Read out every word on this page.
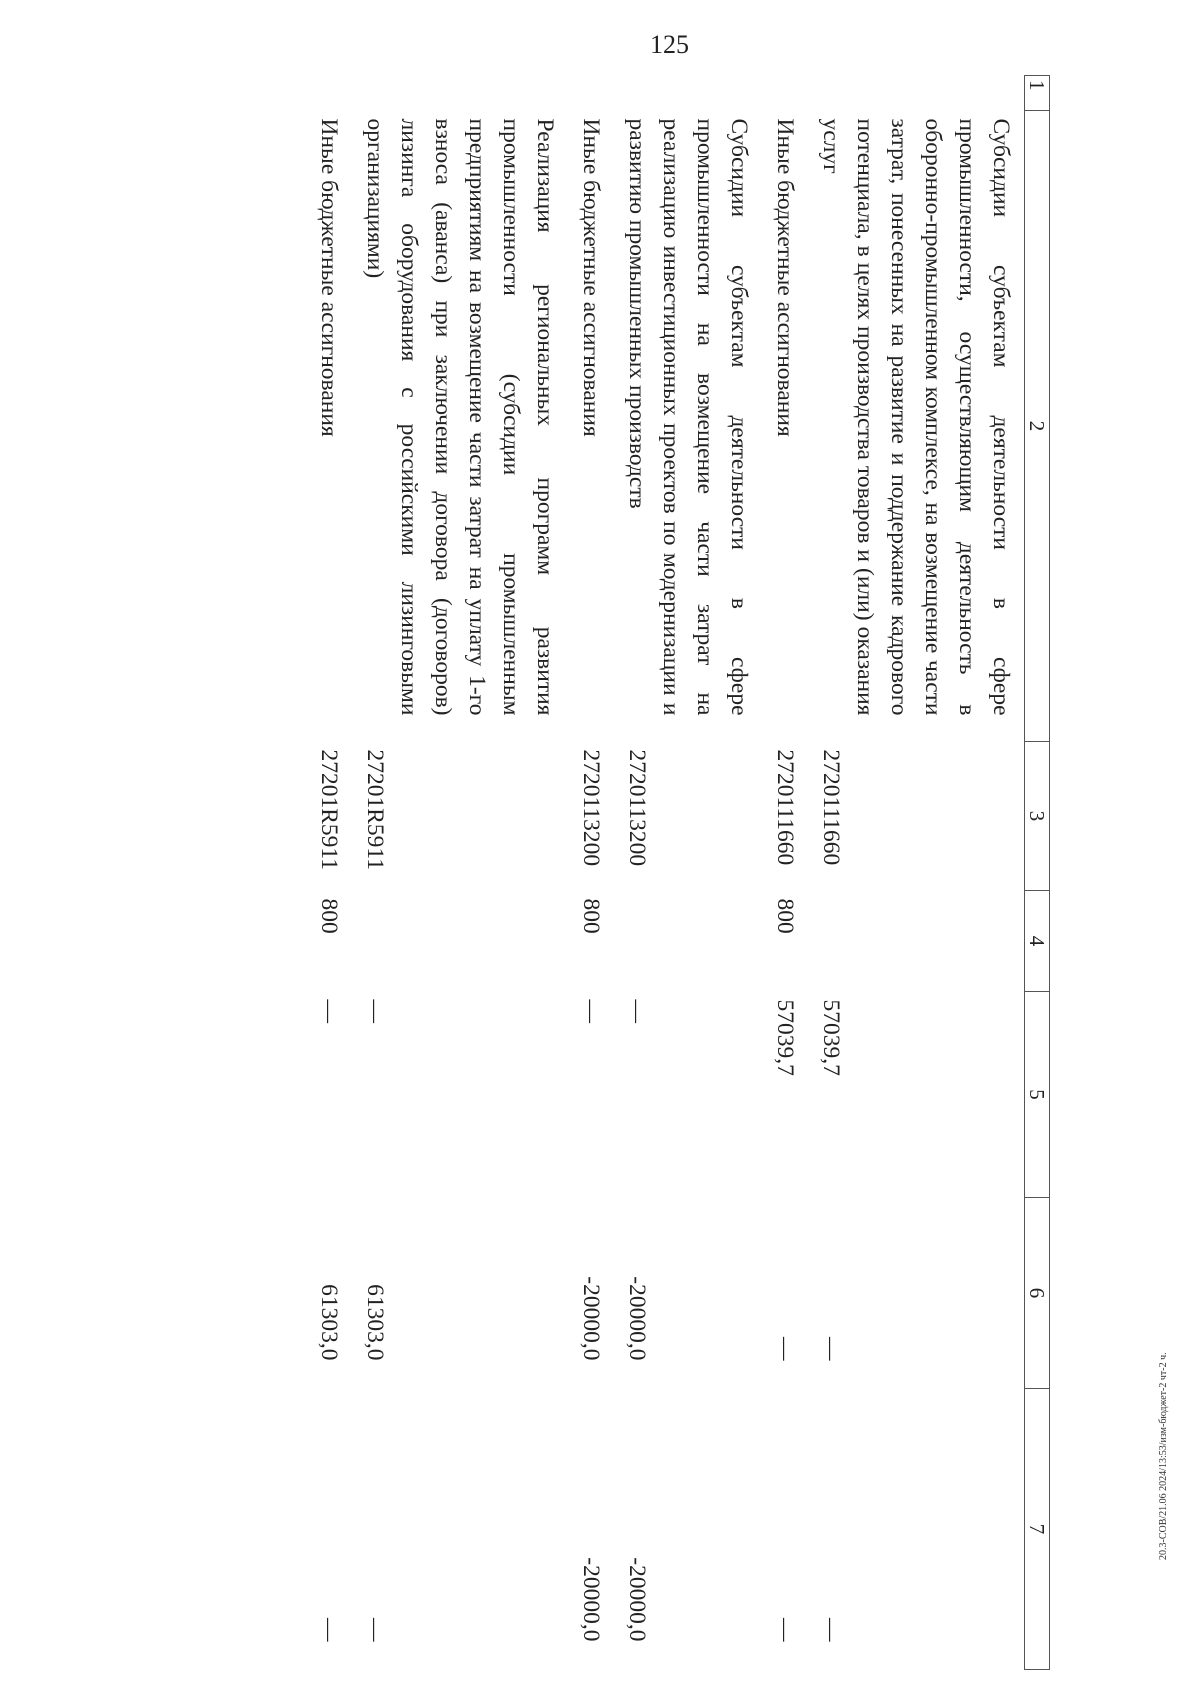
125
20.3-СОВ/21.06 2024/13:53/изм-бюджет-2 чт-2 ч.
1	2	3	4	5	6	7
	Субсидии субъектам деятельности в сфере промышленности, осуществляющим деятельность в оборонно-промышленном комплексе, на возмещение части затрат, понесенных на развитие и поддержание кадрового потенциала, в целях производства товаров и (или) оказания услуг	2720111660		57039,7	—	—
	Иные бюджетные ассигнования	2720111660	800	57039,7	—	—
	Субсидии субъектам деятельности в сфере промышленности на возмещение части затрат на реализацию инвестиционных проектов по модернизации и развитию промышленных производств	2720113200		—	-20000,0	-20000,0
	Иные бюджетные ассигнования	2720113200	800	—	-20000,0	-20000,0
	Реализация региональных программ развития промышленности (субсидии промышленным предприятиям на возмещение части затрат на уплату 1-го взноса (аванса) при заключении договора (договоров) лизинга оборудования с российскими лизинговыми организациями)	27201R5911		—	61303,0	—
	Иные бюджетные ассигнования	27201R5911	800	—	61303,0	—
